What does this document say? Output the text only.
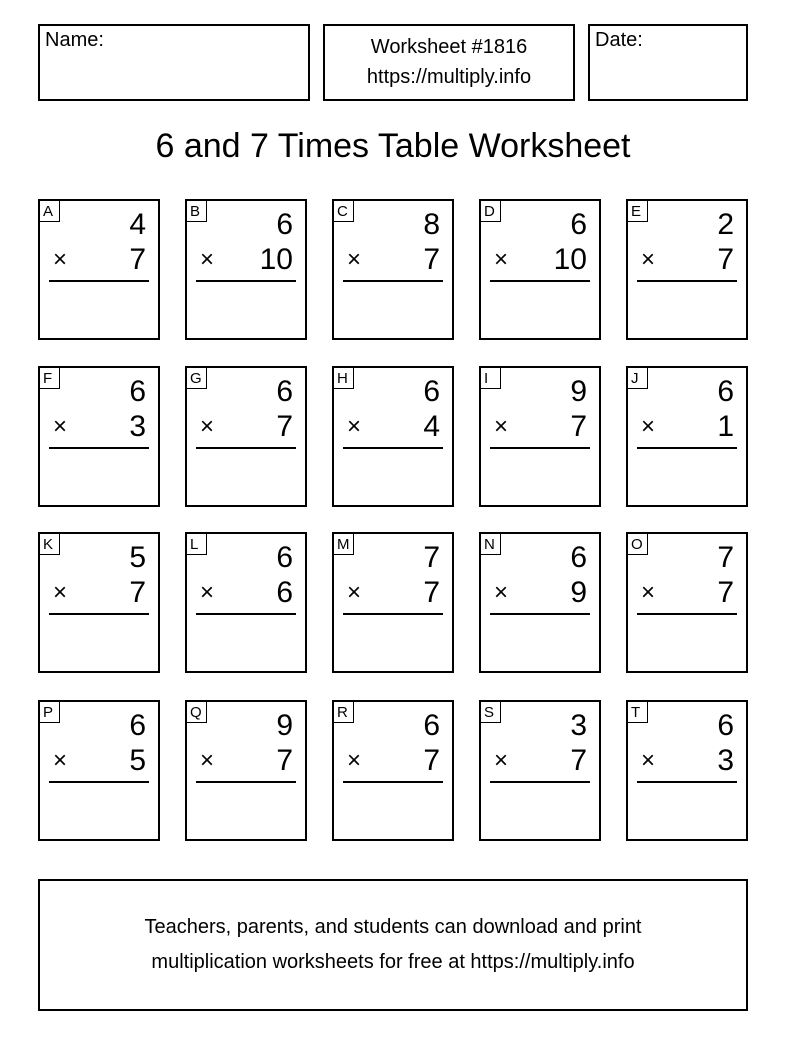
Name:	Worksheet #1816
https://multiply.info
Date:
6 and 7 Times Table Worksheet
A	4
× 7
B	6
× 10
C	8
× 7
D	6
× 10
E	2
× 7
F	6
× 3
G 6
× 7
H	6
× 4
I	9
× 7
J	6
× 1
K	5
× 7
L	6
× 6
M 7
× 7
N	6
× 9
O 7
× 7
P	6
× 5
Q 9
× 7
R	6
× 7
S	3
× 7
T	6
× 3
Teachers, parents, and students can download and print
multiplication worksheets for free at https://multiply.info
